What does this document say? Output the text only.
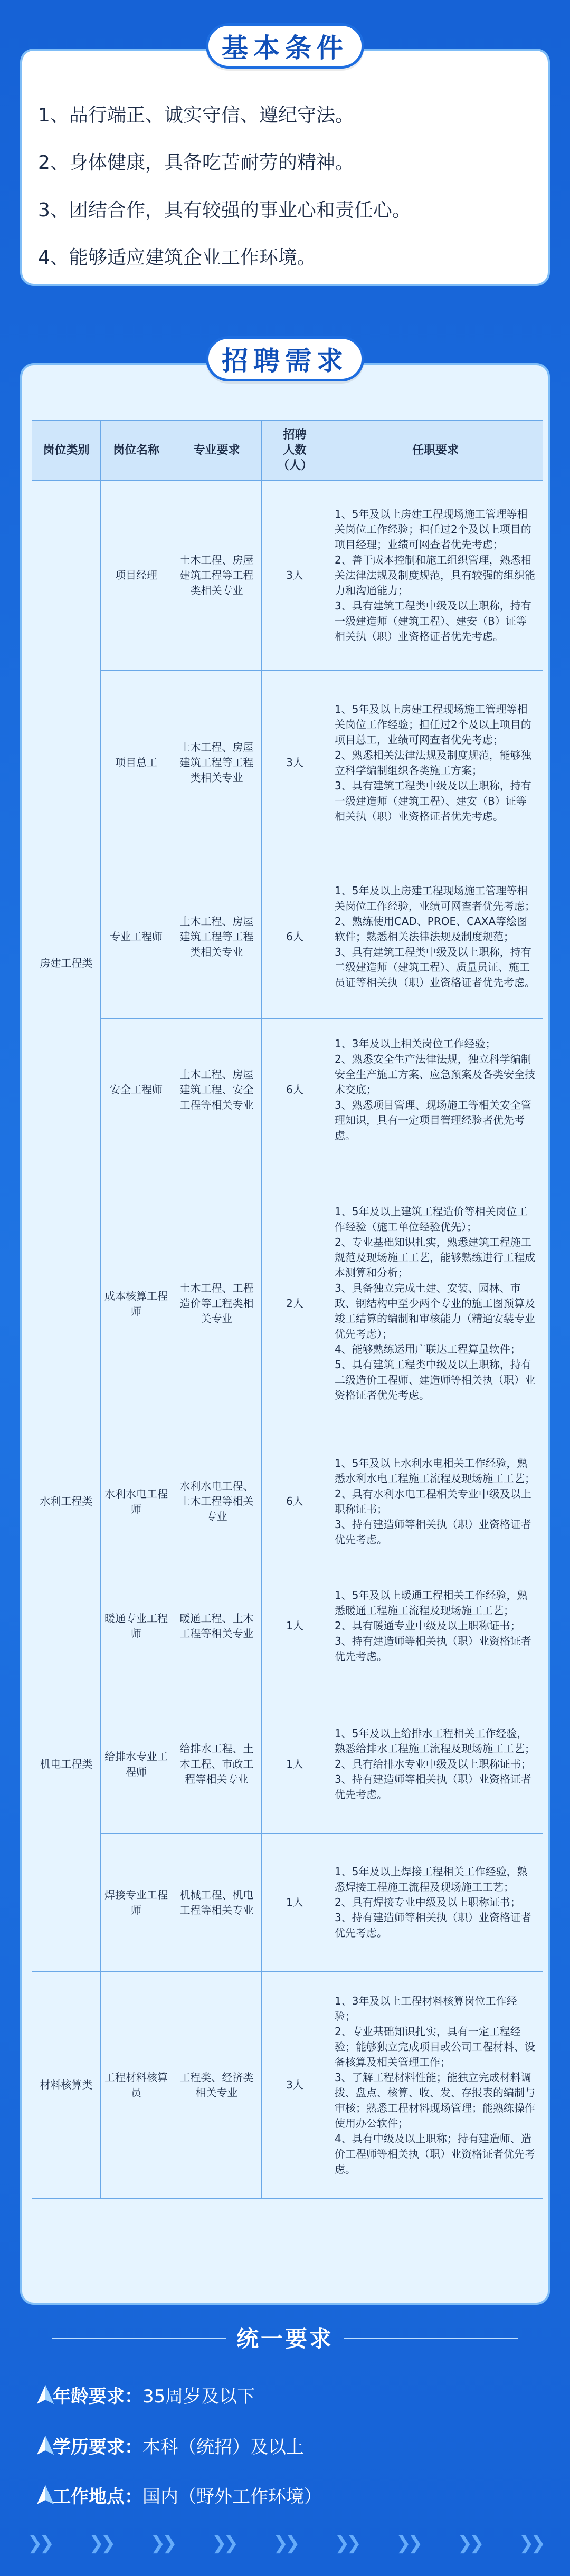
1、品行端正、诚实守信、遵纪守法。
2、身体健康，具备吃苦耐劳的精神。
3、团结合作，具有较强的事业心和责任心。
4、能够适应建筑企业工作环境。
基本条件
岗位类别	岗位名称	专业要求	招聘人数（人）	任职要求
房建工程类	项目经理	土木工程、房屋建筑工程等工程类相关专业	3人	1、5年及以上房建工程现场施工管理等相关岗位工作经验；担任过2个及以上项目的项目经理；业绩可网查者优先考虑；
2、善于成本控制和施工组织管理，熟悉相关法律法规及制度规范，具有较强的组织能力和沟通能力；
3、具有建筑工程类中级及以上职称，持有一级建造师（建筑工程）、建安（B）证等相关执（职）业资格证者优先考虑。

	项目总工	土木工程、房屋建筑工程等工程类相关专业	3人	1、5年及以上房建工程现场施工管理等相关岗位工作经验；担任过2个及以上项目的项目总工，业绩可网查者优先考虑；
2、熟悉相关法律法规及制度规范，能够独立科学编制组织各类施工方案；
3、具有建筑工程类中级及以上职称，持有一级建造师（建筑工程）、建安（B）证等相关执（职）业资格证者优先考虑。

	专业工程师	土木工程、房屋建筑工程等工程类相关专业	6人	1、5年及以上房建工程现场施工管理等相关岗位工作经验，业绩可网查者优先考虑；
2、熟练使用CAD、PROE、CAXA等绘图软件；熟悉相关法律法规及制度规范；
3、具有建筑工程类中级及以上职称，持有二级建造师（建筑工程）、质量员证、施工员证等相关执（职）业资格证者优先考虑。

	安全工程师	土木工程、房屋建筑工程、安全工程等相关专业	6人	1、3年及以上相关岗位工作经验；
2、熟悉安全生产法律法规，独立科学编制安全生产施工方案、应急预案及各类安全技术交底；
3、熟悉项目管理、现场施工等相关安全管理知识，具有一定项目管理经验者优先考虑。

	成本核算工程师	土木工程、工程造价等工程类相关专业	2人	1、5年及以上建筑工程造价等相关岗位工作经验（施工单位经验优先）；
2、专业基础知识扎实，熟悉建筑工程施工规范及现场施工工艺，能够熟练进行工程成本测算和分析；
3、具备独立完成土建、安装、园林、市政、钢结构中至少两个专业的施工图预算及竣工结算的编制和审核能力（精通安装专业优先考虑）；
4、能够熟练运用广联达工程算量软件；
5、具有建筑工程类中级及以上职称，持有二级造价工程师、建造师等相关执（职）业资格证者优先考虑。

水利工程类	水利水电工程师	水利水电工程、土木工程等相关专业	6人	1、5年及以上水利水电相关工作经验，熟悉水利水电工程施工流程及现场施工工艺；
2、具有水利水电工程相关专业中级及以上职称证书；
3、持有建造师等相关执（职）业资格证者优先考虑。

机电工程类	暖通专业工程师	暖通工程、土木工程等相关专业	1人	1、5年及以上暖通工程相关工作经验，熟悉暖通工程施工流程及现场施工工艺；
2、具有暖通专业中级及以上职称证书；
3、持有建造师等相关执（职）业资格证者优先考虑。

	给排水专业工程师	给排水工程、土木工程、市政工程等相关专业	1人	1、5年及以上给排水工程相关工作经验，熟悉给排水工程施工流程及现场施工工艺；
2、具有给排水专业中级及以上职称证书；
3、持有建造师等相关执（职）业资格证者优先考虑。

	焊接专业工程师	机械工程、机电工程等相关专业	1人	1、5年及以上焊接工程相关工作经验，熟悉焊接工程施工流程及现场施工工艺；
2、具有焊接专业中级及以上职称证书；
3、持有建造师等相关执（职）业资格证者优先考虑。

材料核算类	工程材料核算员	工程类、经济类相关专业	3人	1、3年及以上工程材料核算岗位工作经验；
2、专业基础知识扎实，具有一定工程经验；能够独立完成项目或公司工程材料、设备核算及相关管理工作；
3、了解工程材料性能；能独立完成材料调拨、盘点、核算、收、发、存报表的编制与审核；熟悉工程材料现场管理；能熟练操作使用办公软件；
4、具有中级及以上职称；持有建造师、造价工程师等相关执（职）业资格证者优先考虑。
招聘需求
统一要求
年龄要求： 35周岁及以下
学历要求： 本科（统招）及以上
工作地点： 国内（野外工作环境）
❯❯ ❯❯ ❯❯ ❯❯ ❯❯ ❯❯ ❯❯ ❯❯ ❯❯
